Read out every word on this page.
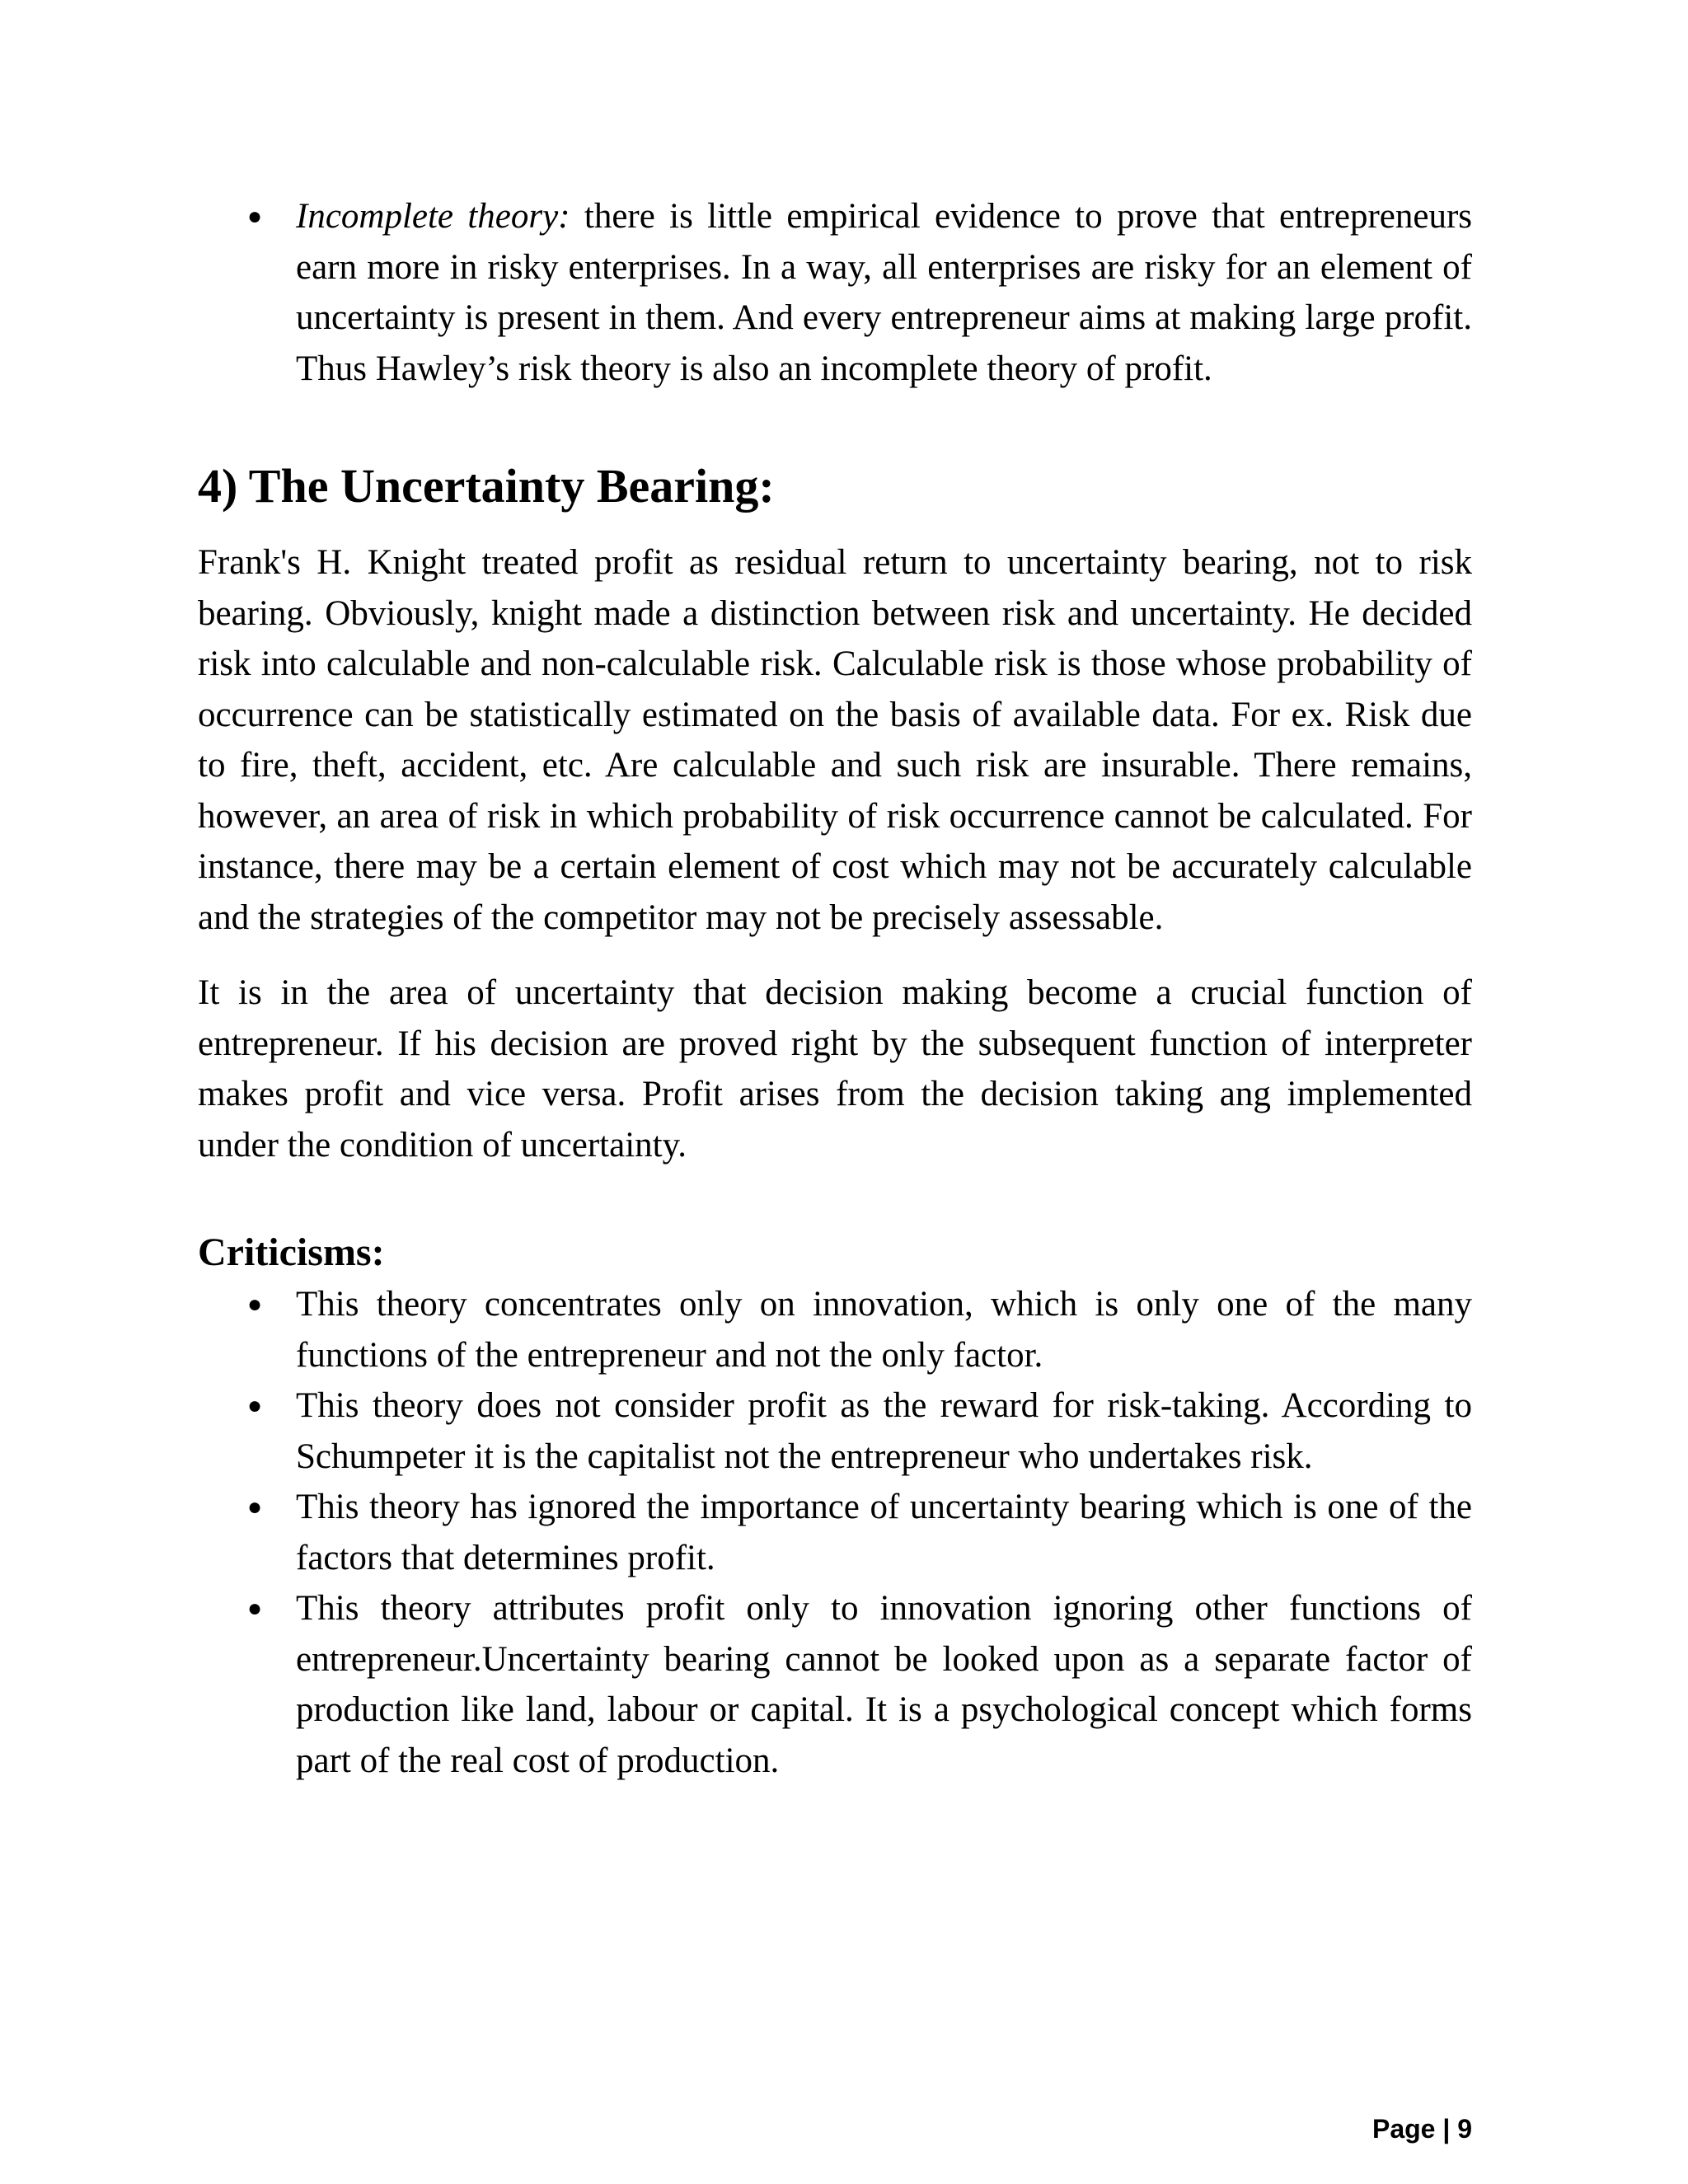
● Incomplete theory: there is little empirical evidence to prove that entrepreneurs earn more in risky enterprises. In a way, all enterprises are risky for an element of uncertainty is present in them. And every entrepreneur aims at making large profit. Thus Hawley’s risk theory is also an incomplete theory of profit.
4) The Uncertainty Bearing:

Frank's H. Knight treated profit as residual return to uncertainty bearing, not to risk bearing. Obviously, knight made a distinction between risk and uncertainty. He decided risk into calculable and non-calculable risk. Calculable risk is those whose probability of occurrence can be statistically estimated on the basis of available data. For ex. Risk due to fire, theft, accident, etc. Are calculable and such risk are insurable. There remains, however, an area of risk in which probability of risk occurrence cannot be calculated. For instance, there may be a certain element of cost which may not be accurately calculable and the strategies of the competitor may not be precisely assessable.

It is in the area of uncertainty that decision making become a crucial function of entrepreneur. If his decision are proved right by the subsequent function of interpreter makes profit and vice versa. Profit arises from the decision taking ang implemented under the condition of uncertainty.

Criticisms:
● This theory concentrates only on innovation, which is only one of the many functions of the entrepreneur and not the only factor.
● This theory does not consider profit as the reward for risk-taking. According to Schumpeter it is the capitalist not the entrepreneur who undertakes risk.
● This theory has ignored the importance of uncertainty bearing which is one of the factors that determines profit.
● This theory attributes profit only to innovation ignoring other functions of entrepreneur.Uncertainty bearing cannot be looked upon as a separate factor of production like land, labour or capital. It is a psychological concept which forms part of the real cost of production.
Page | 9
